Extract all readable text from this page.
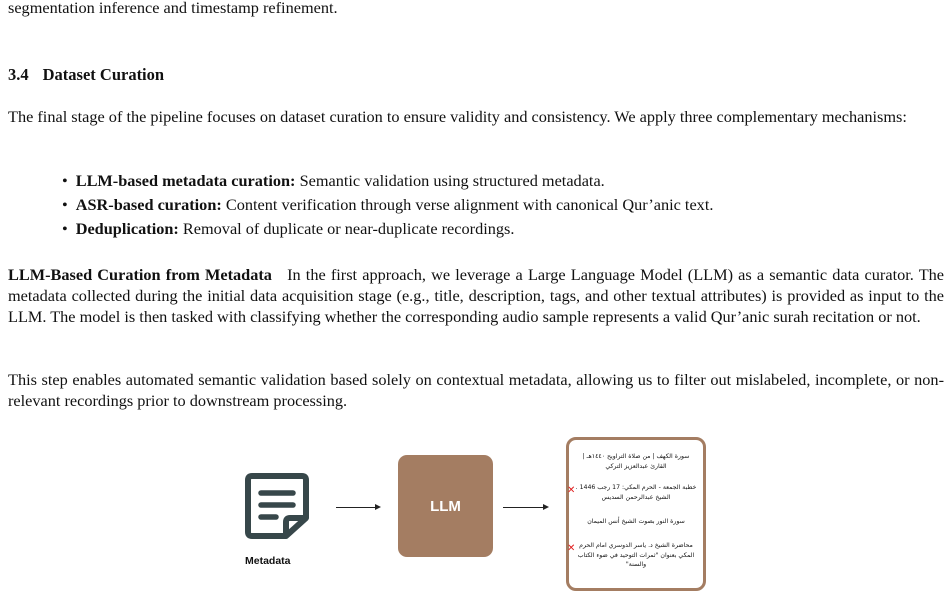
segmentation inference and timestamp refinement.

3.4 Dataset Curation

The final stage of the pipeline focuses on dataset curation to ensure validity and consistency. We apply three complementary mechanisms:

• LLM-based metadata curation: Semantic validation using structured metadata.
• ASR-based curation: Content verification through verse alignment with canonical Qur’anic text.
• Deduplication: Removal of duplicate or near-duplicate recordings.

LLM-Based Curation from Metadata In the first approach, we leverage a Large Language Model (LLM) as a semantic data curator. The metadata collected during the initial data acquisition stage (e.g., title, description, tags, and other textual attributes) is provided as input to the LLM. The model is then tasked with classifying whether the corresponding audio sample represents a valid Qur’anic surah recitation or not.

This step enables automated semantic validation based solely on contextual metadata, allowing us to filter out mislabeled, incomplete, or non-relevant recordings prior to downstream processing.

Metadata
LLM
سورة الكهف | من صلاة التراويح ١٤٤٠هـ | القارئ عبدالعزيز التركي
✕ خطبة الجمعة - الحرم المكي: 17 رجب 1446 . الشيخ عبدالرحمن السديس
سورة النور بصوت الشيخ أنس الميمان
✕ محاضرة الشيخ د. ياسر الدوسري امام الحرم المكي بعنوان "ثمرات التوحيد في ضوء الكتاب والسنة"
